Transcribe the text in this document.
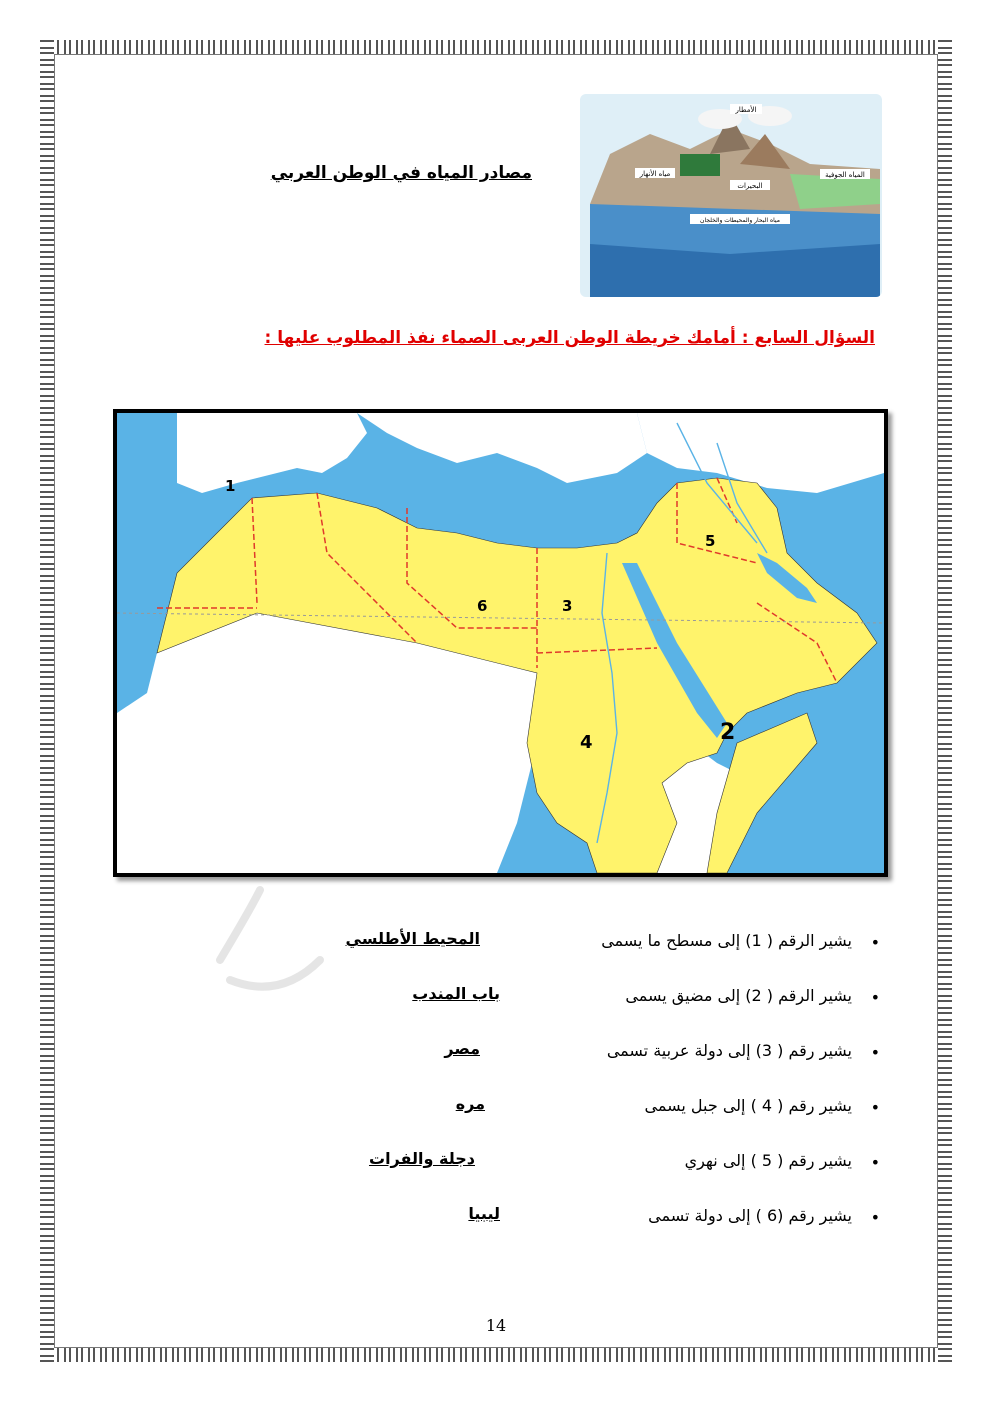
مصادر المياه في الوطن العربي
الأمطار
المياه الجوفية
مياه الأنهار
البحيرات
مياه البحار والمحيطات والخلجان
السؤال السابع : أمامك خريطة الوطن العربى الصماء نفذ المطلوب عليها :
1
2
3
4
5
6
•
يشير الرقم ( 1) إلى مسطح ما يسمى
المحيط الأطلسي
•
يشير الرقم ( 2) إلى مضيق يسمى
باب المندب
•
يشير رقم ( 3) إلى دولة عربية تسمى
مصر
•
يشير رقم ( 4 ) إلى جبل يسمى
مره
•
يشير رقم ( 5 ) إلى نهري
دجلة والفرات
•
يشير رقم (6 ) إلى دولة تسمى
ليبيا
14
